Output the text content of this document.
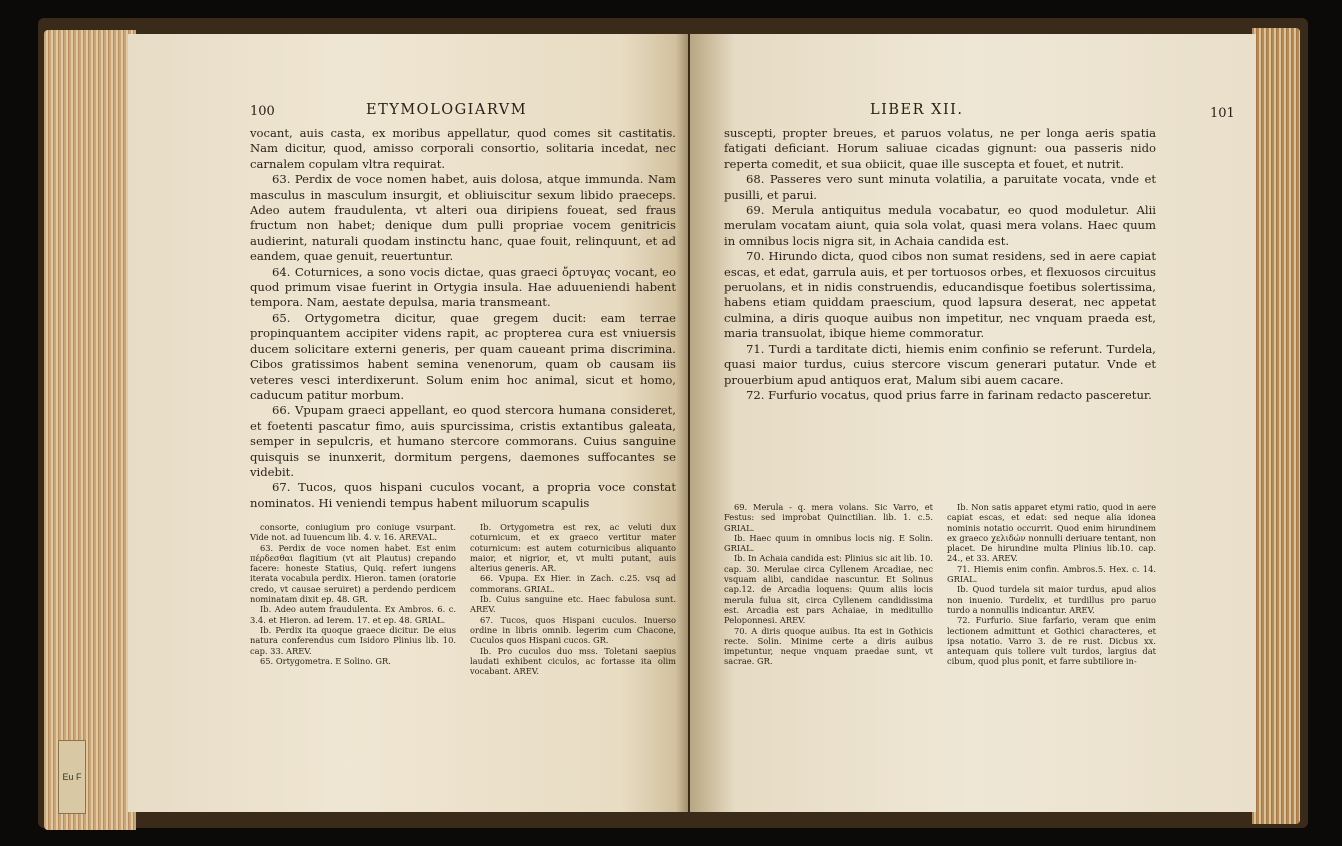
Eu F
100	ETYMOLOGIARVM

vocant, auis casta, ex moribus appellatur, quod comes sit castitatis. Nam dicitur, quod, amisso corporali consortio, solitaria incedat, nec carnalem copulam vltra requirat.

63. Perdix de voce nomen habet, auis dolosa, atque immunda. Nam masculus in masculum insurgit, et obliuiscitur sexum libido praeceps. Adeo autem fraudulenta, vt alteri oua diripiens foueat, sed fraus fructum non habet; denique dum pulli propriae vocem genitricis audierint, naturali quodam instinctu hanc, quae fouit, relinquunt, et ad eandem, quae genuit, reuertuntur.

64. Coturnices, a sono vocis dictae, quas graeci ὄρτυγας vocant, eo quod primum visae fuerint in Ortygia insula. Hae aduueniendi habent tempora. Nam, aestate depulsa, maria transmeant.

65. Ortygometra dicitur, quae gregem ducit: eam terrae propinquantem accipiter videns rapit, ac propterea cura est vniuersis ducem solicitare externi generis, per quam caueant prima discrimina. Cibos gratissimos habent semina venenorum, quam ob causam iis veteres vesci interdixerunt. Solum enim hoc animal, sicut et homo, caducum patitur morbum.

66. Vpupam graeci appellant, eo quod stercora humana consideret, et foetenti pascatur fimo, auis spurcissima, cristis extantibus galeata, semper in sepulcris, et humano stercore commorans. Cuius sanguine quisquis se inunxerit, dormitum pergens, daemones suffocantes se videbit.

67. Tucos, quos hispani cuculos vocant, a propria voce constat nominatos. Hi veniendi tempus habent miluorum scapulis

consorte, coniugium pro coniuge vsurpant. Vide not. ad Iuuencum lib. 4. v. 16. AREVAL.

63. Perdix de voce nomen habet. Est enim πέρδεσθαι flagitium (vt ait Plautus) crepando facere: honeste Statius, Quiq. refert iungens iterata vocabula perdix. Hieron. tamen (oratorie credo, vt causae seruiret) a perdendo perdicem nominatam dixit ep. 48. GR.

Ib. Adeo autem fraudulenta. Ex Ambros. 6. c. 3.4. et Hieron. ad Ierem. 17. et ep. 48. GRIAL.

Ib. Perdix ita quoque graece dicitur. De eius natura conferendus cum Isidoro Plinius lib. 10. cap. 33. AREV.

65. Ortygometra. E Solino. GR.

Ib. Ortygometra est rex, ac veluti dux coturnicum, et ex graeco vertitur mater coturnicum: est autem coturnicibus aliquanto maior, et nigrior, et, vt multi putant, auis alterius generis. AR.

66. Vpupa. Ex Hier. in Zach. c.25. vsq ad commorans. GRIAL.

Ib. Cuius sanguine etc. Haec fabulosa sunt. AREV.

67. Tucos, quos Hispani cuculos. Inuerso ordine in libris omnib. legerim cum Chacone, Cuculos quos Hispani cucos. GR.

Ib. Pro cuculos duo mss. Toletani saepius laudati exhibent ciculos, ac fortasse ita olim vocabant. AREV.

LIBER XII.	101

suscepti, propter breues, et paruos volatus, ne per longa aeris spatia fatigati deficiant. Horum saliuae cicadas gignunt: oua passeris nido reperta comedit, et sua obiicit, quae ille suscepta et fouet, et nutrit.

68. Passeres vero sunt minuta volatilia, a paruitate vocata, vnde et pusilli, et parui.

69. Merula antiquitus medula vocabatur, eo quod moduletur. Alii merulam vocatam aiunt, quia sola volat, quasi mera volans. Haec quum in omnibus locis nigra sit, in Achaia candida est.

70. Hirundo dicta, quod cibos non sumat residens, sed in aere capiat escas, et edat, garrula auis, et per tortuosos orbes, et flexuosos circuitus peruolans, et in nidis construendis, educandisque foetibus solertissima, habens etiam quiddam praescium, quod lapsura deserat, nec appetat culmina, a diris quoque auibus non impetitur, nec vnquam praeda est, maria transuolat, ibique hieme commoratur.

71. Turdi a tarditate dicti, hiemis enim confinio se referunt. Turdela, quasi maior turdus, cuius stercore viscum generari putatur. Vnde et prouerbium apud antiquos erat, Malum sibi auem cacare.

72. Furfurio vocatus, quod prius farre in farinam redacto pasceretur.

69. Merula - q. mera volans. Sic Varro, et Festus: sed improbat Quinctilian. lib. 1. c.5. GRIAL.

Ib. Haec quum in omnibus locis nig. E Solin. GRIAL.

Ib. In Achaia candida est: Plinius sic ait lib. 10. cap. 30. Merulae circa Cyllenem Arcadiae, nec vsquam alibi, candidae nascuntur. Et Solinus cap.12. de Arcadia loquens: Quum aliis locis merula fulua sit, circa Cyllenem candidissima est. Arcadia est pars Achaiae, in meditullio Peloponnesi. AREV.

70. A diris quoque auibus. Ita est in Gothicis recte. Solin. Minime certe a diris auibus impetuntur, neque vnquam praedae sunt, vt sacrae. GR.

Ib. Non satis apparet etymi ratio, quod in aere capiat escas, et edat: sed neque alia idonea nominis notatio occurrit. Quod enim hirundinem ex graeco χελιδών nonnulli deriuare tentant, non placet. De hirundine multa Plinius lib.10. cap. 24., et 33. AREV.

71. Hiemis enim confin. Ambros.5. Hex. c. 14. GRIAL.

Ib. Quod turdela sit maior turdus, apud alios non inuenio. Turdelix, et turdillus pro paruo turdo a nonnullis indicantur. AREV.

72. Furfurio. Siue farfario, veram que enim lectionem admittunt et Gothici characteres, et ipsa notatio. Varro 3. de re rust. Dicbus xx. antequam quis tollere vult turdos, largius dat cibum, quod plus ponit, et farre subtiliore in-
